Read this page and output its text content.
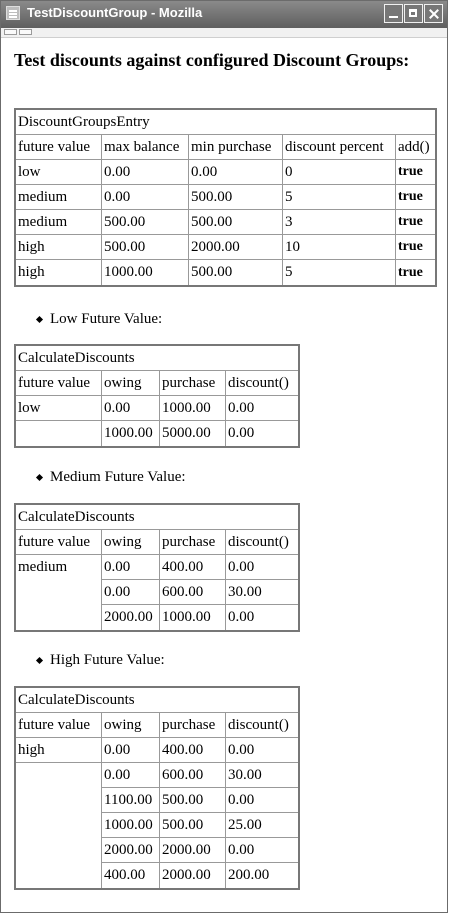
TestDiscountGroup - Mozilla
Test discounts against configured Discount Groups:
DiscountGroupsEntry				
future value	max balance	min purchase	discount percent	add()
low	0.00	0.00	0	true
medium	0.00	500.00	5	true
medium	500.00	500.00	3	true
high	500.00	2000.00	10	true
high	1000.00	500.00	5	true
Low Future Value:
CalculateDiscounts			
future value	owing	purchase	discount()
low	0.00	1000.00	0.00
	1000.00	5000.00	0.00
Medium Future Value:
CalculateDiscounts			
future value	owing	purchase	discount()
medium	0.00	400.00	0.00
	0.00	600.00	30.00
	2000.00	1000.00	0.00
High Future Value:
CalculateDiscounts			
future value	owing	purchase	discount()
high	0.00	400.00	0.00
	0.00	600.00	30.00
	1100.00	500.00	0.00
	1000.00	500.00	25.00
	2000.00	2000.00	0.00
	400.00	2000.00	200.00
